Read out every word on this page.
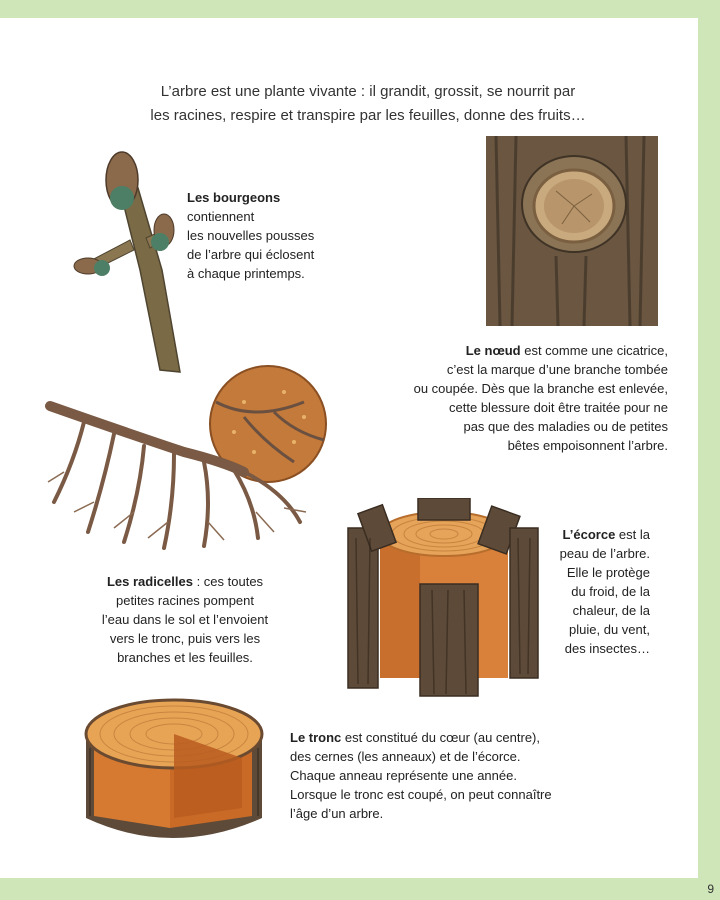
9
L’arbre est une plante vivante : il grandit, grossit, se nourrit par
les racines, respire et transpire par les feuilles, donne des fruits…
Les bourgeons
contiennent
les nouvelles pousses
de l’arbre qui éclosent
à chaque printemps.
Le nœud est comme une cicatrice,
c’est la marque d’une branche tombée
ou coupée. Dès que la branche est enlevée,
cette blessure doit être traitée pour ne
pas que des maladies ou de petites
bêtes empoisonnent l’arbre.
Les radicelles : ces toutes
petites racines pompent
l’eau dans le sol et l’envoient
vers le tronc, puis vers les
branches et les feuilles.
L’écorce est la
peau de l’arbre.
Elle le protège
du froid, de la
chaleur, de la
pluie, du vent,
des insectes…
Le tronc est constitué du cœur (au centre),
des cernes (les anneaux) et de l’écorce.
Chaque anneau représente une année.
Lorsque le tronc est coupé, on peut connaître
l’âge d’un arbre.
